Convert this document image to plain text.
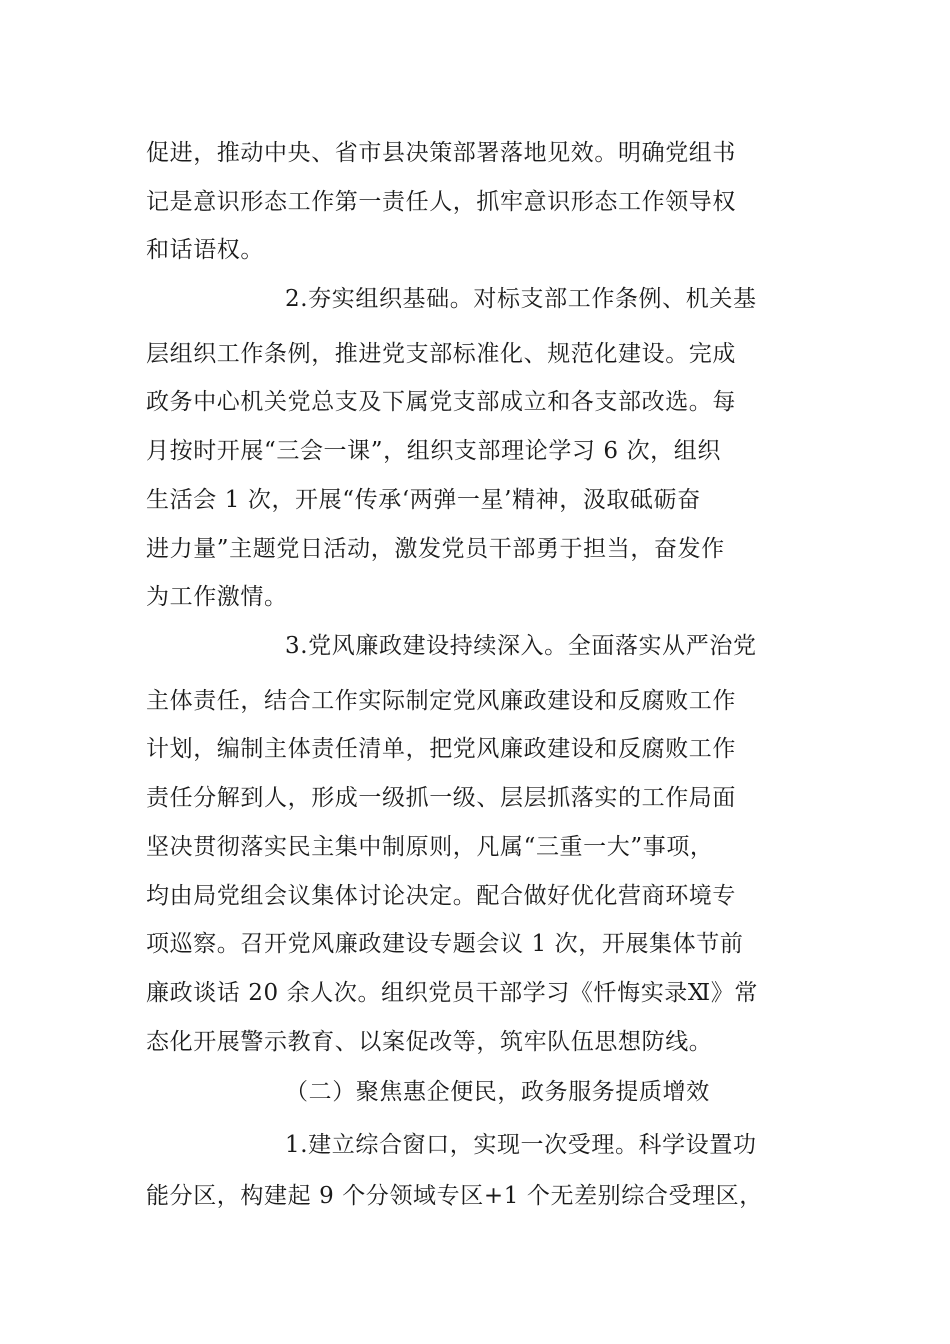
促进，推动中央、省市县决策部署落地见效。明确党组书
记是意识形态工作第一责任人，抓牢意识形态工作领导权
和话语权。
2.夯实组织基础。对标支部工作条例、机关基
层组织工作条例，推进党支部标准化、规范化建设。完成
政务中心机关党总支及下属党支部成立和各支部改选。每
月按时开展“三会一课”，组织支部理论学习 6 次，组织
生活会 1 次，开展“传承‘两弹一星’精神，汲取砥砺奋
进力量”主题党日活动，激发党员干部勇于担当，奋发作
为工作激情。
3.党风廉政建设持续深入。全面落实从严治党
主体责任，结合工作实际制定党风廉政建设和反腐败工作
计划，编制主体责任清单，把党风廉政建设和反腐败工作
责任分解到人，形成一级抓一级、层层抓落实的工作局面
坚决贯彻落实民主集中制原则，凡属“三重一大”事项，
均由局党组会议集体讨论决定。配合做好优化营商环境专
项巡察。召开党风廉政建设专题会议 1 次，开展集体节前
廉政谈话 20 余人次。组织党员干部学习《忏悔实录Ⅺ》常
态化开展警示教育、以案促改等，筑牢队伍思想防线。
（二）聚焦惠企便民，政务服务提质增效
1.建立综合窗口，实现一次受理。科学设置功
能分区，构建起 9 个分领域专区+1 个无差别综合受理区，
